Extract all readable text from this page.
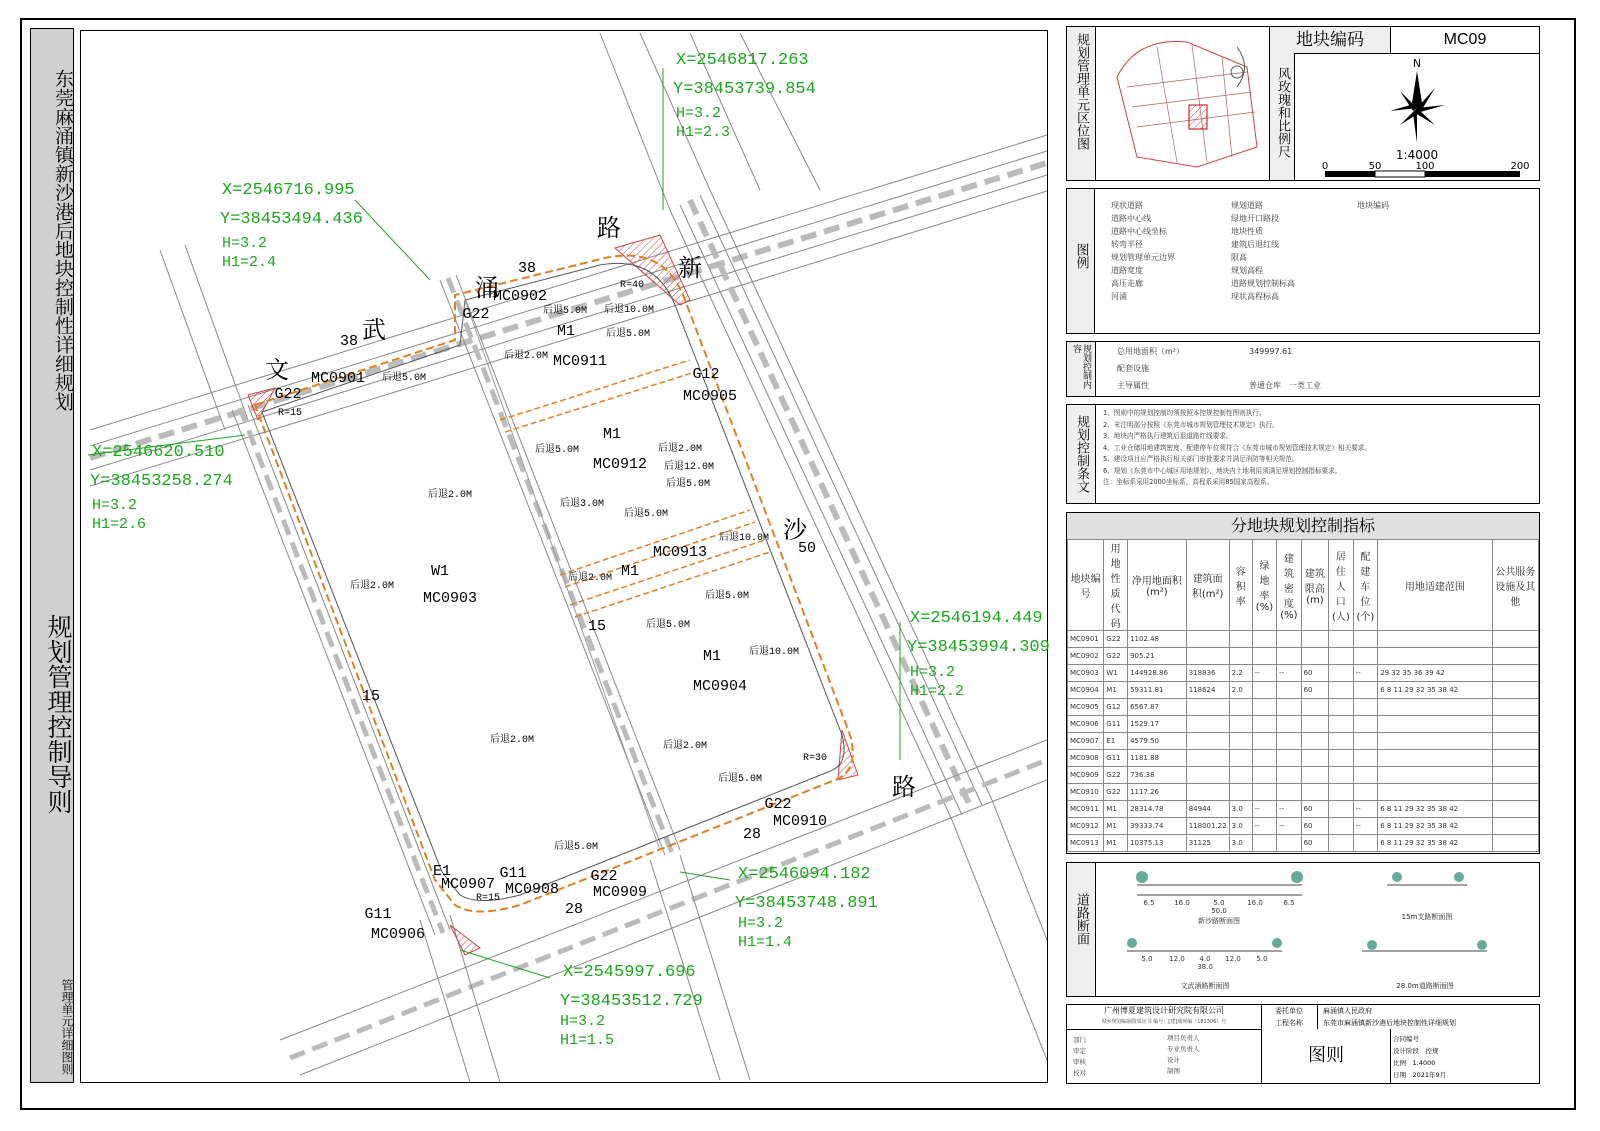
东莞麻涌镇新沙港后地块控制性详细规划
规划管理控制导则
管理单元详细图则
文
武
涌
路
新
沙
路
38
38
50
15
15
28
28
R=15
R=40
R=30
R=15
W1
MC0903
M1
MC0911
M1
MC0912
M1
MC0913
M1
MC0904
G12
MC0905
G22
MC0901
G22
MC0902
G22
MC0910
G22
MC0909
G11
MC0908
G11
MC0906
E1
MC0907
后退5.0M 后退10.0M
后退5.0M
后退2.0M
后退5.0M
后退2.0M
后退12.0M
后退5.0M
后退5.0M
后退3.0M
后退2.0M
后退5.0M
后退10.0M
后退2.0M
后退2.0M
后退5.0M
后退5.0M
后退10.0M
后退2.0M
后退5.0M
后退5.0M
后退2.0M
X=2546817.263
Y=38453739.854
H=3.2
H1=2.3
X=2546716.995
Y=38453494.436
H=3.2
H1=2.4
X=2546620.510
Y=38453258.274
H=3.2
H1=2.6
X=2546194.449
Y=38453994.309
H=3.2
H1=2.2
X=2546094.182
Y=38453748.891
H=3.2
H1=1.4
X=2545997.696
Y=38453512.729
H=3.2
H1=1.5
规划管理单元区位图	地块编码	MC09
风玫瑰和比例尺
N
1:4000
0	50	100	200
图例
现状道路
道路中心线
道路中心线坐标
转弯半径
规划管理单元边界
道路宽度
高压走廊
河涌
规划道路
绿地开口路段
地块性质
建筑后退红线
限高
规划高程
道路规划控制标高
现状高程标高
地块编码
规划控制内容	总用地面积（m²）	349997.61
配套设施
主导属性	普通仓库　一类工业
规划控制条文
1、图则中的规划控制均须按照本控规控制性图则执行。
2、未注明部分按照《东莞市城市规划管理技术规定》执行。
3、地块内严格执行建筑后退道路红线要求。
4、工业仓储用地建筑密度、配建停车位须符合《东莞市城市规划管理技术规定》相关要求。
5、建设项目应严格执行相关部门审批要求并满足消防等相关规范。
6、规划《东莞市中心城区用地规划》，地块内土地利用须满足规划控制指标要求。
注：坐标系采用2000坐标系，高程系采用85国家高程系。
分地块规划控制指标
地块编号	用地性质代码	净用地面积(m²)	建筑面积(m²)	容积率	绿地率(%)	建筑密度(%)	建筑限高(m)	居住人口(人)	配建车位(个)	用地适建范围	公共服务设施及其他
MC0901	G22	1102.48									
MC0902	G22	905.21									
MC0903	W1	144928.86	318836	2.2	--	--	60		--	29 32 35 36 39 42	
MC0904	M1	59311.81	118624	2.0			60			6 8 11 29 32 35 38 42	
MC0905	G12	6567.87									
MC0906	G11	1529.17									
MC0907	E1	4579.50									
MC0908	G11	1181.88									
MC0909	G22	736.38									
MC0910	G22	1117.26									
MC0911	M1	28314.78	84944	3.0	--	--	60		--	6 8 11 29 32 35 38 42	
MC0912	M1	39333.74	118001.22	3.0	--	--	60		--	6 8 11 29 32 35 38 42	
MC0913	M1	10375.13	31125	3.0			60			6 8 11 29 32 35 38 42	
道路断面	6.5	16.0	5.0	16.0	6.5
50.0
5.0 12.0 4.0 12.0 5.0
38.0
新沙路断面图	15m支路断面图
文武涌路断面图	28.0m道路断面图
广州博夏建筑设计研究院有限公司
城乡规划编制资质证书 编号：[建]城规编（181306）号
委托单位
工程名称
麻涌镇人民政府
东莞市麻涌镇新沙港后地块控制性详细规划
部门
审定
审核
校对
项目负责人
专业负责人
设计
制图
图则
合同编号
设计阶段　 控规
比例　 1:4000
日期　 2021年9月
